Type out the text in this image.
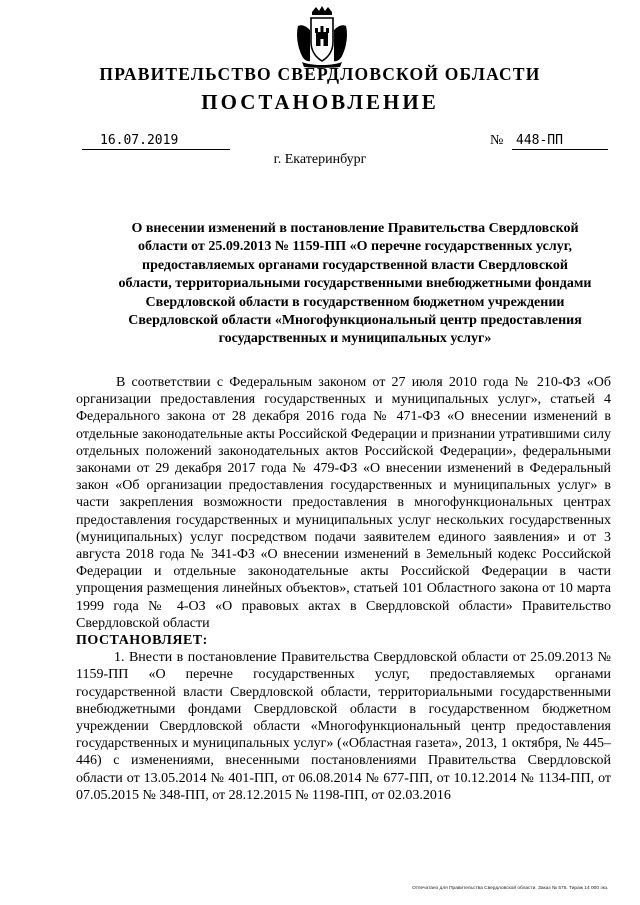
ПРАВИТЕЛЬСТВО СВЕРДЛОВСКОЙ ОБЛАСТИ
ПОСТАНОВЛЕНИЕ
16.07.2019	№ 448-ПП
г. Екатеринбург
О внесении изменений в постановление Правительства Свердловской области от 25.09.2013 № 1159-ПП «О перечне государственных услуг, предоставляемых органами государственной власти Свердловской области, территориальными государственными внебюджетными фондами Свердловской области в государственном бюджетном учреждении Свердловской области «Многофункциональный центр предоставления государственных и муниципальных услуг»

В соответствии с Федеральным законом от 27 июля 2010 года № 210-ФЗ «Об организации предоставления государственных и муниципальных услуг», статьей 4 Федерального закона от 28 декабря 2016 года № 471-ФЗ «О внесении изменений в отдельные законодательные акты Российской Федерации и признании утратившими силу отдельных положений законодательных актов Российской Федерации», федеральными законами от 29 декабря 2017 года № 479-ФЗ «О внесении изменений в Федеральный закон «Об организации предоставления государственных и муниципальных услуг» в части закрепления возможности предоставления в многофункциональных центрах предоставления государственных и муниципальных услуг нескольких государственных (муниципальных) услуг посредством подачи заявителем единого заявления» и от 3 августа 2018 года № 341-ФЗ «О внесении изменений в Земельный кодекс Российской Федерации и отдельные законодательные акты Российской Федерации в части упрощения размещения линейных объектов», статьей 101 Областного закона от 10 марта 1999 года № 4-ОЗ «О правовых актах в Свердловской области» Правительство Свердловской области

ПОСТАНОВЛЯЕТ:

1. Внести в постановление Правительства Свердловской области от 25.09.2013 № 1159-ПП «О перечне государственных услуг, предоставляемых органами государственной власти Свердловской области, территориальными государственными внебюджетными фондами Свердловской области в государственном бюджетном учреждении Свердловской области «Многофункциональный центр предоставления государственных и муниципальных услуг» («Областная газета», 2013, 1 октября, № 445–446) с изменениями, внесенными постановлениями Правительства Свердловской области от 13.05.2014 № 401-ПП, от 06.08.2014 № 677-ПП, от 10.12.2014 № 1134-ПП, от 07.05.2015 № 348-ПП, от 28.12.2015 № 1198-ПП, от 02.03.2016

Отпечатано для Правительства Свердловской области. Заказ № 575. Тираж 14 000 экз.
